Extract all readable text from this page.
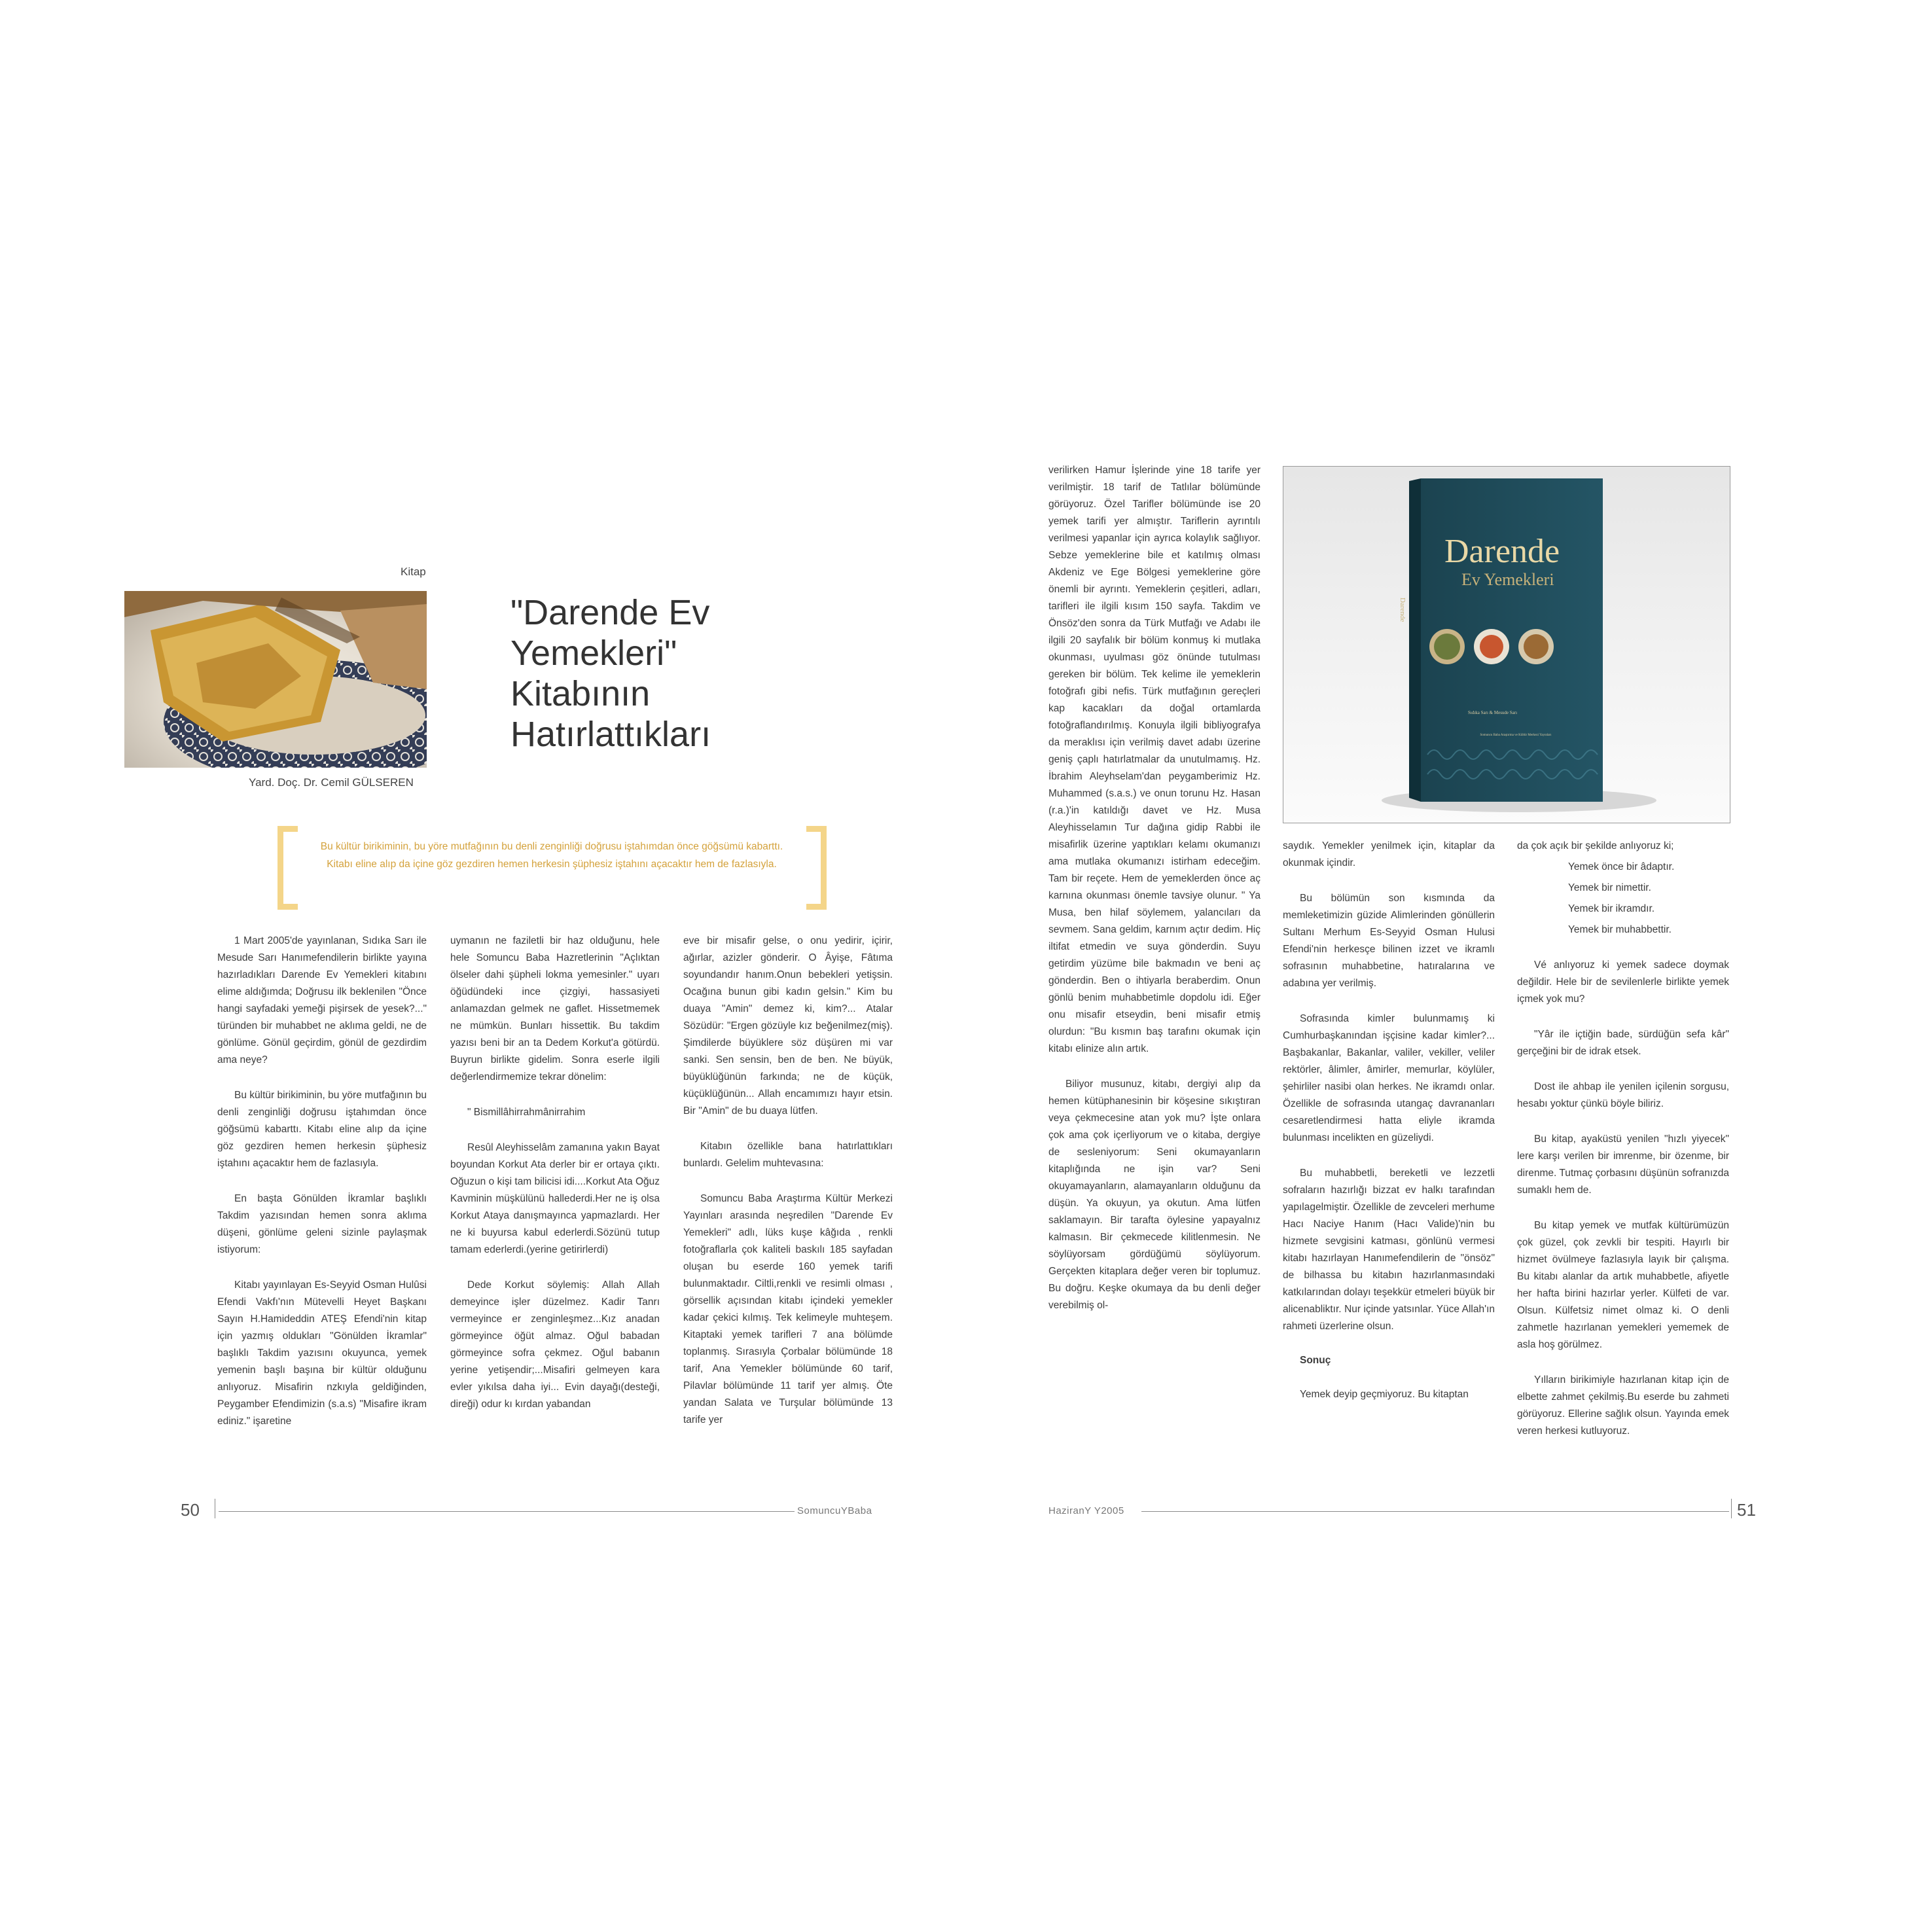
Kitap
Yard. Doç. Dr. Cemil GÜLSEREN
"Darende Ev
Yemekleri"
Kitabının
Hatırlattıkları
Bu kültür birikiminin, bu yöre mutfağının bu denli zenginliği doğrusu iştahımdan önce göğsümü kabarttı. Kitabı eline alıp da içine göz gezdiren hemen herkesin şüphesiz iştahını açacaktır hem de fazlasıyla.

1 Mart 2005'de yayınlanan, Sıdıka Sarı ile Mesude Sarı Hanımefendilerin birlikte yayına hazırladıkları Darende Ev Yemekleri kitabını elime aldığımda; Doğrusu ilk beklenilen "Önce hangi sayfadaki yemeği pişirsek de yesek?..." türünden bir muhabbet ne aklıma geldi, ne de gönlüme. Gönül geçirdim, gönül de gezdirdim ama neye?

Bu kültür birikiminin, bu yöre mutfağının bu denli zenginliği doğrusu iştahımdan önce göğsümü kabarttı. Kitabı eline alıp da içine göz gezdiren hemen herkesin şüphesiz iştahını açacaktır hem de fazlasıyla.

En başta Gönülden İkramlar başlıklı Takdim yazısından hemen sonra aklıma düşeni, gönlüme geleni sizinle paylaşmak istiyorum:

Kitabı yayınlayan Es-Seyyid Osman Hulûsi Efendi Vakfı'nın Mütevelli Heyet Başkanı Sayın H.Hamideddin ATEŞ Efendi'nin kitap için yazmış oldukları "Gönülden İkramlar" başlıklı Takdim yazısını okuyunca, yemek yemenin başlı başına bir kültür olduğunu anlıyoruz. Misafirin nzkıyla geldiğinden, Peygamber Efendimizin (s.a.s) "Misafire ikram ediniz." işaretine

uymanın ne faziletli bir haz olduğunu, hele hele Somuncu Baba Hazretlerinin "Açlıktan ölseler dahi şüpheli lokma yemesinler." uyarı öğüdündeki ince çizgiyi, hassasiyeti anlamazdan gelmek ne gaflet. Hissetmemek ne mümkün. Bunları hissettik. Bu takdim yazısı beni bir an ta Dedem Korkut'a götürdü. Buyrun birlikte gidelim. Sonra eserle ilgili değerlendirmemize tekrar dönelim:

" Bismillâhirrahmânirrahim

Resûl Aleyhisselâm zamanına yakın Bayat boyundan Korkut Ata derler bir er ortaya çıktı. Oğuzun o kişi tam bilicisi idi....Korkut Ata Oğuz Kavminin müşkülünü hallederdi.Her ne iş olsa Korkut Ataya danışmayınca yapmazlardı. Her ne ki buyursa kabul ederlerdi.Sözünü tutup tamam ederlerdi.(yerine getirirlerdi)

Dede Korkut söylemiş: Allah Allah demeyince işler düzelmez. Kadir Tanrı vermeyince er zenginleşmez...Kız anadan görmeyince öğüt almaz. Oğul babadan görmeyince sofra çekmez. Oğul babanın yerine yetişendir;...Misafiri gelmeyen kara evler yıkılsa daha iyi... Evin dayağı(desteği, direği) odur kı kırdan yabandan

eve bir misafir gelse, o onu yedirir, içirir, ağırlar, azizler gönderir. O Âyişe, Fâtıma soyundandır hanım.Onun bebekleri yetişsin. Ocağına bunun gibi kadın gelsin." Kim bu duaya "Amin" demez ki, kim?... Atalar Sözüdür: "Ergen gözüyle kız beğenilmez(miş). Şimdilerde büyüklere söz düşüren mi var sanki. Sen sensin, ben de ben. Ne büyük, büyüklüğünün farkında; ne de küçük, küçüklüğünün... Allah encamımızı hayır etsin. Bir "Amin" de bu duaya lütfen.

Kitabın özellikle bana hatırlattıkları bunlardı. Gelelim muhtevasına:

Somuncu Baba Araştırma Kültür Merkezi Yayınları arasında neşredilen "Darende Ev Yemekleri" adlı, lüks kuşe kâğıda , renkli fotoğraflarla çok kaliteli baskılı 185 sayfadan oluşan bu eserde 160 yemek tarifi bulunmaktadır. Ciltli,renkli ve resimli olması , görsellik açısından kitabı içindeki yemekler kadar çekici kılmış. Tek kelimeyle muhteşem. Kitaptaki yemek tarifleri 7 ana bölümde toplanmış. Sırasıyla Çorbalar bölümünde 18 tarif, Ana Yemekler bölümünde 60 tarif, Pilavlar bölümünde 11 tarif yer almış. Öte yandan Salata ve Turşular bölümünde 13 tarife yer

50	SomuncuYBaba
Darende
Ev Yemekleri
Sıdıka Sarı & Mesude Sarı
Somuncu Baba Araştırma ve Kültür Merkezi Yayınları
Darende

verilirken Hamur İşlerinde yine 18 tarife yer verilmiştir. 18 tarif de Tatlılar bölümünde görüyoruz. Özel Tarifler bölümünde ise 20 yemek tarifi yer almıştır. Tariflerin ayrıntılı verilmesi yapanlar için ayrıca kolaylık sağlıyor. Sebze yemeklerine bile et katılmış olması Akdeniz ve Ege Bölgesi yemeklerine göre önemli bir ayrıntı. Yemeklerin çeşitleri, adları, tarifleri ile ilgili kısım 150 sayfa. Takdim ve Önsöz'den sonra da Türk Mutfağı ve Adabı ile ilgili 20 sayfalık bir bölüm konmuş ki mutlaka okunması, uyulması göz önünde tutulması gereken bir bölüm. Tek kelime ile yemeklerin fotoğrafı gibi nefis. Türk mutfağının gereçleri kap kacakları da doğal ortamlarda fotoğraflandırılmış. Konuyla ilgili bibliyografya da meraklısı için verilmiş davet adabı üzerine geniş çaplı hatırlatmalar da unutulmamış. Hz. İbrahim Aleyhselam'dan peygamberimiz Hz. Muhammed (s.a.s.) ve onun torunu Hz. Hasan (r.a.)'in katıldığı davet ve Hz. Musa Aleyhisselamın Tur dağına gidip Rabbi ile misafirlik üzerine yaptıkları kelamı okumanızı ama mutlaka okumanızı istirham edeceğim. Tam bir reçete. Hem de yemeklerden önce aç karnına okunması önemle tavsiye olunur. " Ya Musa, ben hilaf söylemem, yalancıları da sevmem. Sana geldim, karnım açtır dedim. Hiç iltifat etmedin ve suya gönderdin. Suyu getirdim yüzüme bile bakmadın ve beni aç gönderdin. Ben o ihtiyarla beraberdim. Onun gönlü benim muhabbetimle dopdolu idi. Eğer onu misafir etseydin, beni misafir etmiş olurdun: "Bu kısmın baş tarafını okumak için kitabı elinize alın artık.

Biliyor musunuz, kitabı, dergiyi alıp da hemen kütüphanesinin bir köşesine sıkıştıran veya çekmecesine atan yok mu? İşte onlara çok ama çok içerliyorum ve o kitaba, dergiye de sesleniyorum: Seni okumayanların kitaplığında ne işin var? Seni okuyamayanların, alamayanların olduğunu da düşün. Ya okuyun, ya okutun. Ama lütfen saklamayın. Bir tarafta öylesine yapayalnız kalmasın. Bir çekmecede kilitlenmesin. Ne söylüyorsam gördüğümü söylüyorum. Gerçekten kitaplara değer veren bir toplumuz. Bu doğru. Keşke okumaya da bu denli değer verebilmiş ol-

saydık. Yemekler yenilmek için, kitaplar da okunmak içindir.

Bu bölümün son kısmında da memleketimizin güzide Alimlerinden gönüllerin Sultanı Merhum Es-Seyyid Osman Hulusi Efendi'nin herkesçe bilinen izzet ve ikramlı sofrasının muhabbetine, hatıralarına ve adabına yer verilmiş.

Sofrasında kimler bulunmamış ki Cumhurbaşkanından işçisine kadar kimler?... Başbakanlar, Bakanlar, valiler, vekiller, veliler rektörler, âlimler, âmirler, memurlar, köylüler, şehirliler nasibi olan herkes. Ne ikramdı onlar. Özellikle de sofrasında utangaç davrananları cesaretlendirmesi hatta eliyle ikramda bulunması incelikten en güzeliydi.

Bu muhabbetli, bereketli ve lezzetli sofraların hazırlığı bizzat ev halkı tarafından yapılagelmiştir. Özellikle de zevceleri merhume Hacı Naciye Hanım (Hacı Valide)'nin bu hizmete sevgisini katması, gönlünü vermesi kitabı hazırlayan Hanımefendilerin de "önsöz" de bilhassa bu kitabın hazırlanmasındaki katkılarından dolayı teşekkür etmeleri büyük bir alicenabliktır. Nur içinde yatsınlar. Yüce Allah'ın rahmeti üzerlerine olsun.

Sonuç

Yemek deyip geçmiyoruz. Bu kitaptan

da çok açık bir şekilde anlıyoruz ki;

Yemek önce bir âdaptır.

Yemek bir nimettir.

Yemek bir ikramdır.

Yemek bir muhabbettir.

Vé anlıyoruz ki yemek sadece doymak değildir. Hele bir de sevilenlerle birlikte yemek içmek yok mu?

"Yâr ile içtiğin bade, sürdüğün sefa kâr" gerçeğini bir de idrak etsek.

Dost ile ahbap ile yenilen içilenin sorgusu, hesabı yoktur çünkü böyle biliriz.

Bu kitap, ayaküstü yenilen "hızlı yiyecek" lere karşı verilen bir imrenme, bir özenme, bir direnme. Tutmaç çorbasını düşünün sofranızda sumaklı hem de.

Bu kitap yemek ve mutfak kültürümüzün çok güzel, çok zevkli bir tespiti. Hayırlı bir hizmet övülmeye fazlasıyla layık bir çalışma. Bu kitabı alanlar da artık muhabbetle, afiyetle her hafta birini hazırlar yerler. Külfeti de var. Olsun. Külfetsiz nimet olmaz ki. O denli zahmetle hazırlanan yemekleri yememek de asla hoş görülmez.

Yılların birikimiyle hazırlanan kitap için de elbette zahmet çekilmiş.Bu eserde bu zahmeti görüyoruz. Ellerine sağlık olsun. Yayında emek veren herkesi kutluyoruz.

HaziranY Y2005	51
